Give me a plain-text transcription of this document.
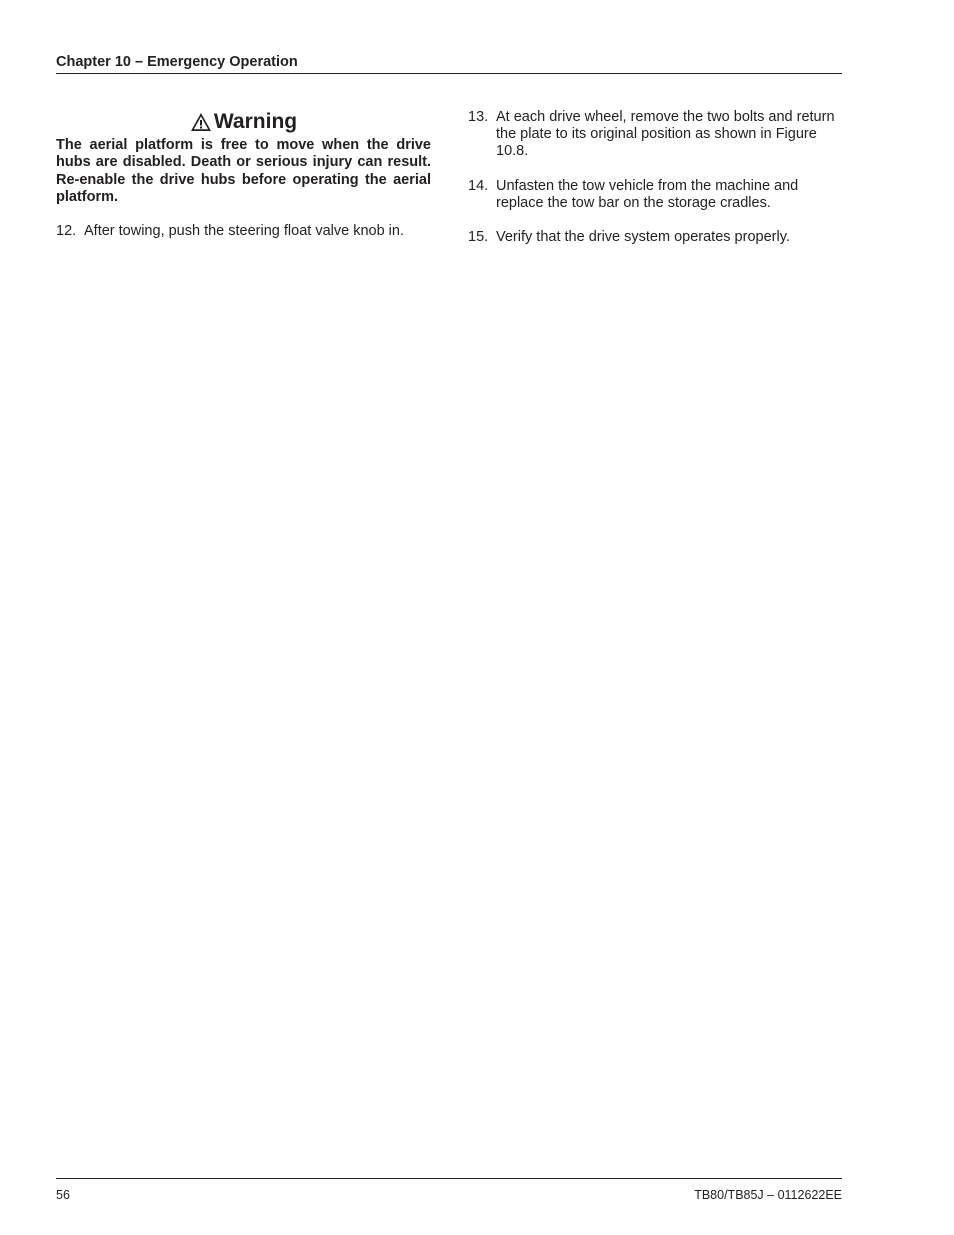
Chapter 10 – Emergency Operation
Warning

The aerial platform is free to move when the drive hubs are disabled. Death or serious injury can result. Re-enable the drive hubs before operating the aerial platform.

12. After towing, push the steering float valve knob in.
13. At each drive wheel, remove the two bolts and return the plate to its original position as shown in Figure 10.8.
14. Unfasten the tow vehicle from the machine and replace the tow bar on the storage cradles.
15. Verify that the drive system operates properly.
56	TB80/TB85J – 0112622EE
